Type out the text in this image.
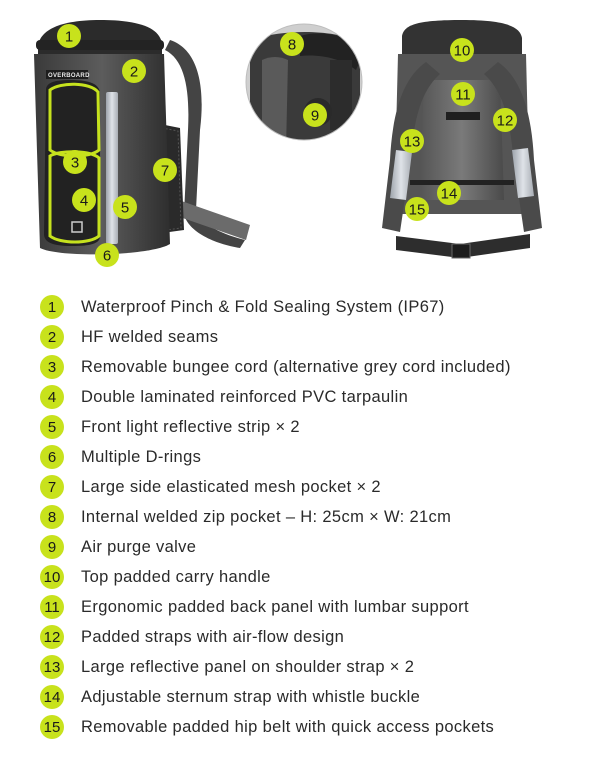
OVERBOARD
1
2
3
4 5
6
7
8
9
10
11
12
13
14
15
1	Waterproof Pinch & Fold Sealing System (IP67)
2	HF welded seams
3	Removable bungee cord (alternative grey cord included)
4	Double laminated reinforced PVC tarpaulin
5	Front light reflective strip × 2
6	Multiple D-rings
7	Large side elasticated mesh pocket × 2
8	Internal welded zip pocket – H: 25cm × W: 21cm
9	Air purge valve
10 Top padded carry handle
11 Ergonomic padded back panel with lumbar support
12 Padded straps with air-flow design
13 Large reflective panel on shoulder strap × 2
14 Adjustable sternum strap with whistle buckle
15 Removable padded hip belt with quick access pockets
